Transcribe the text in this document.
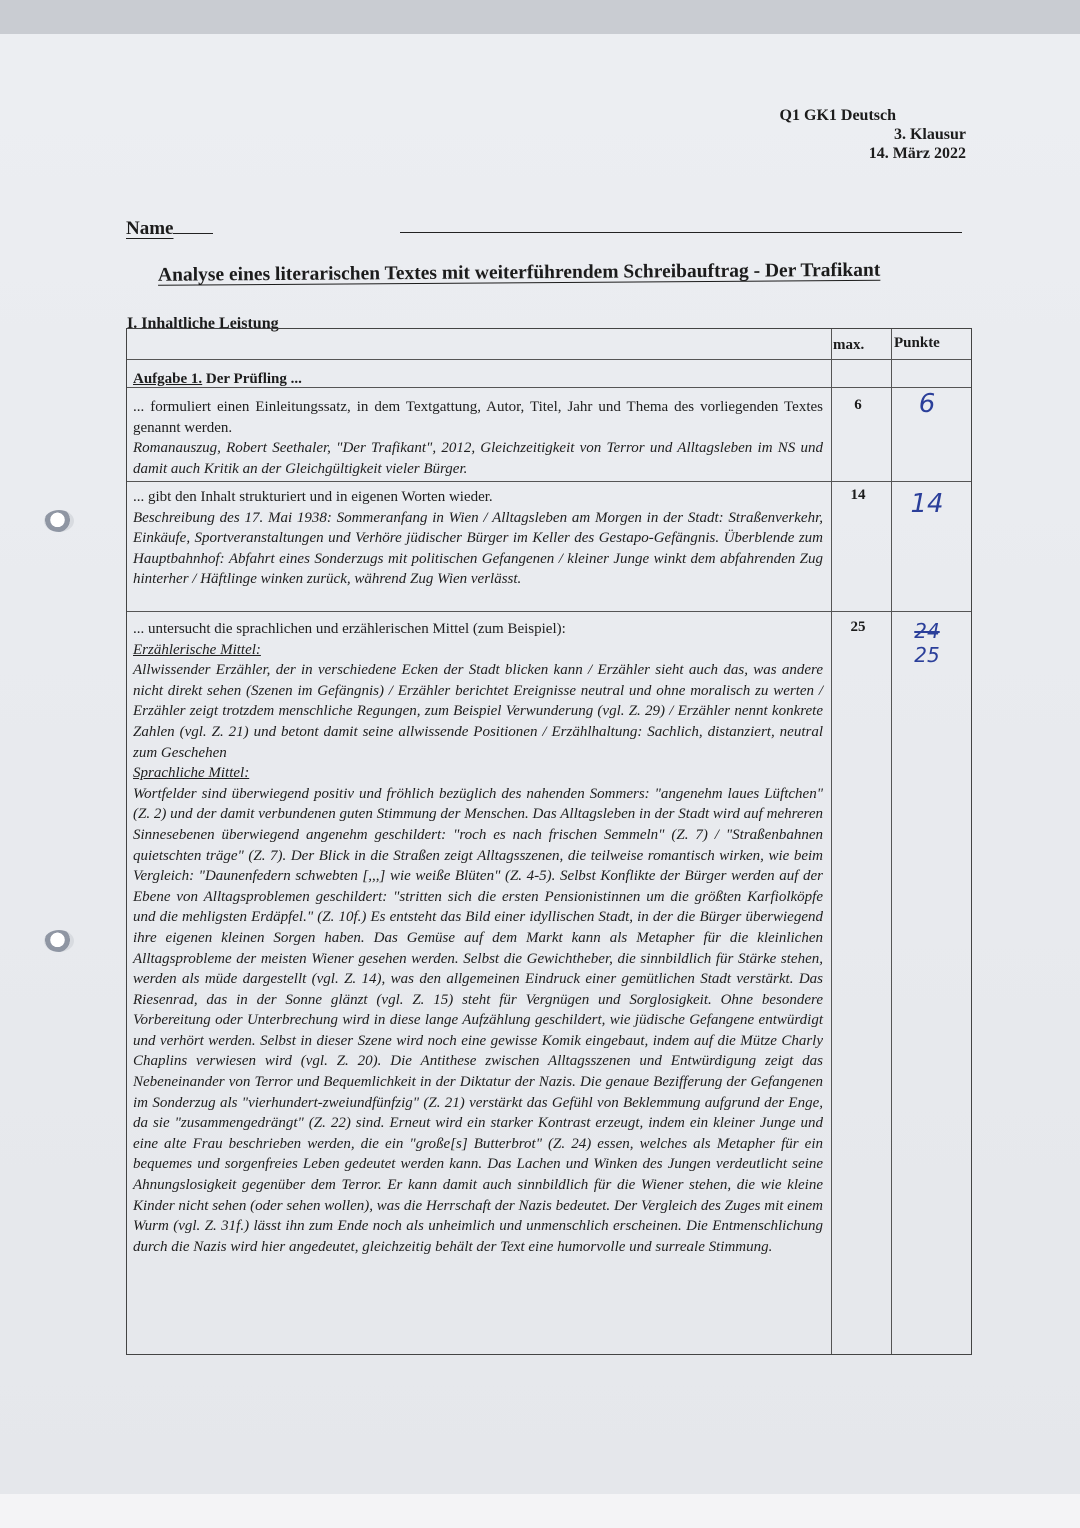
Q1 GK1 Deutsch
3. Klausur
14. März 2022
Name
Analyse eines literarischen Textes mit weiterführendem Schreibauftrag - Der Trafikant
I. Inhaltliche Leistung
max. Punkte
Aufgabe 1. Der Prüfling ...
... formuliert einen Einleitungssatz, in dem Textgattung, Autor, Titel, Jahr und Thema des vorliegenden Textes genannt werden.
Romanauszug, Robert Seethaler, "Der Trafikant", 2012, Gleichzeitigkeit von Terror und Alltagsleben im NS und damit auch Kritik an der Gleichgültigkeit vieler Bürger.
6	6
... gibt den Inhalt strukturiert und in eigenen Worten wieder.
Beschreibung des 17. Mai 1938: Sommeranfang in Wien / Alltagsleben am Morgen in der Stadt: Straßenverkehr, Einkäufe, Sportveranstaltungen und Verhöre jüdischer Bürger im Keller des Gestapo-Gefängnis. Überblende zum Hauptbahnhof: Abfahrt eines Sonderzugs mit politischen Gefangenen / kleiner Junge winkt dem abfahrenden Zug hinterher / Häftlinge winken zurück, während Zug Wien verlässt.
14	14
... untersucht die sprachlichen und erzählerischen Mittel (zum Beispiel):
Erzählerische Mittel:
Allwissender Erzähler, der in verschiedene Ecken der Stadt blicken kann / Erzähler sieht auch das, was andere nicht direkt sehen (Szenen im Gefängnis) / Erzähler berichtet Ereignisse neutral und ohne moralisch zu werten / Erzähler zeigt trotzdem menschliche Regungen, zum Beispiel Verwunderung (vgl. Z. 29) / Erzähler nennt konkrete Zahlen (vgl. Z. 21) und betont damit seine allwissende Positionen / Erzählhaltung: Sachlich, distanziert, neutral zum Geschehen
Sprachliche Mittel:
Wortfelder sind überwiegend positiv und fröhlich bezüglich des nahenden Sommers: "angenehm laues Lüftchen" (Z. 2) und der damit verbundenen guten Stimmung der Menschen. Das Alltagsleben in der Stadt wird auf mehreren Sinnesebenen überwiegend angenehm geschildert: "roch es nach frischen Semmeln" (Z. 7) / "Straßenbahnen quietschten träge" (Z. 7). Der Blick in die Straßen zeigt Alltagsszenen, die teilweise romantisch wirken, wie beim Vergleich: "Daunenfedern schwebten [,,,] wie weiße Blüten" (Z. 4-5). Selbst Konflikte der Bürger werden auf der Ebene von Alltagsproblemen geschildert: "stritten sich die ersten Pensionistinnen um die größten Karfiolköpfe und die mehligsten Erdäpfel." (Z. 10f.) Es entsteht das Bild einer idyllischen Stadt, in der die Bürger überwiegend ihre eigenen kleinen Sorgen haben. Das Gemüse auf dem Markt kann als Metapher für die kleinlichen Alltagsprobleme der meisten Wiener gesehen werden. Selbst die Gewichtheber, die sinnbildlich für Stärke stehen, werden als müde dargestellt (vgl. Z. 14), was den allgemeinen Eindruck einer gemütlichen Stadt verstärkt. Das Riesenrad, das in der Sonne glänzt (vgl. Z. 15) steht für Vergnügen und Sorglosigkeit. Ohne besondere Vorbereitung oder Unterbrechung wird in diese lange Aufzählung geschildert, wie jüdische Gefangene entwürdigt und verhört werden. Selbst in dieser Szene wird noch eine gewisse Komik eingebaut, indem auf die Mütze Charly Chaplins verwiesen wird (vgl. Z. 20). Die Antithese zwischen Alltagsszenen und Entwürdigung zeigt das Nebeneinander von Terror und Bequemlichkeit in der Diktatur der Nazis. Die genaue Bezifferung der Gefangenen im Sonderzug als "vierhundert-zweiundfünfzig" (Z. 21) verstärkt das Gefühl von Beklemmung aufgrund der Enge, da sie "zusammengedrängt" (Z. 22) sind. Erneut wird ein starker Kontrast erzeugt, indem ein kleiner Junge und eine alte Frau beschrieben werden, die ein "große[s] Butterbrot" (Z. 24) essen, welches als Metapher für ein bequemes und sorgenfreies Leben gedeutet werden kann. Das Lachen und Winken des Jungen verdeutlicht seine Ahnungslosigkeit gegenüber dem Terror. Er kann damit auch sinnbildlich für die Wiener stehen, die wie kleine Kinder nicht sehen (oder sehen wollen), was die Herrschaft der Nazis bedeutet. Der Vergleich des Zuges mit einem Wurm (vgl. Z. 31f.) lässt ihn zum Ende noch als unheimlich und unmenschlich erscheinen. Die Entmenschlichung durch die Nazis wird hier angedeutet, gleichzeitig behält der Text eine humorvolle und surreale Stimmung.
25	24
25
